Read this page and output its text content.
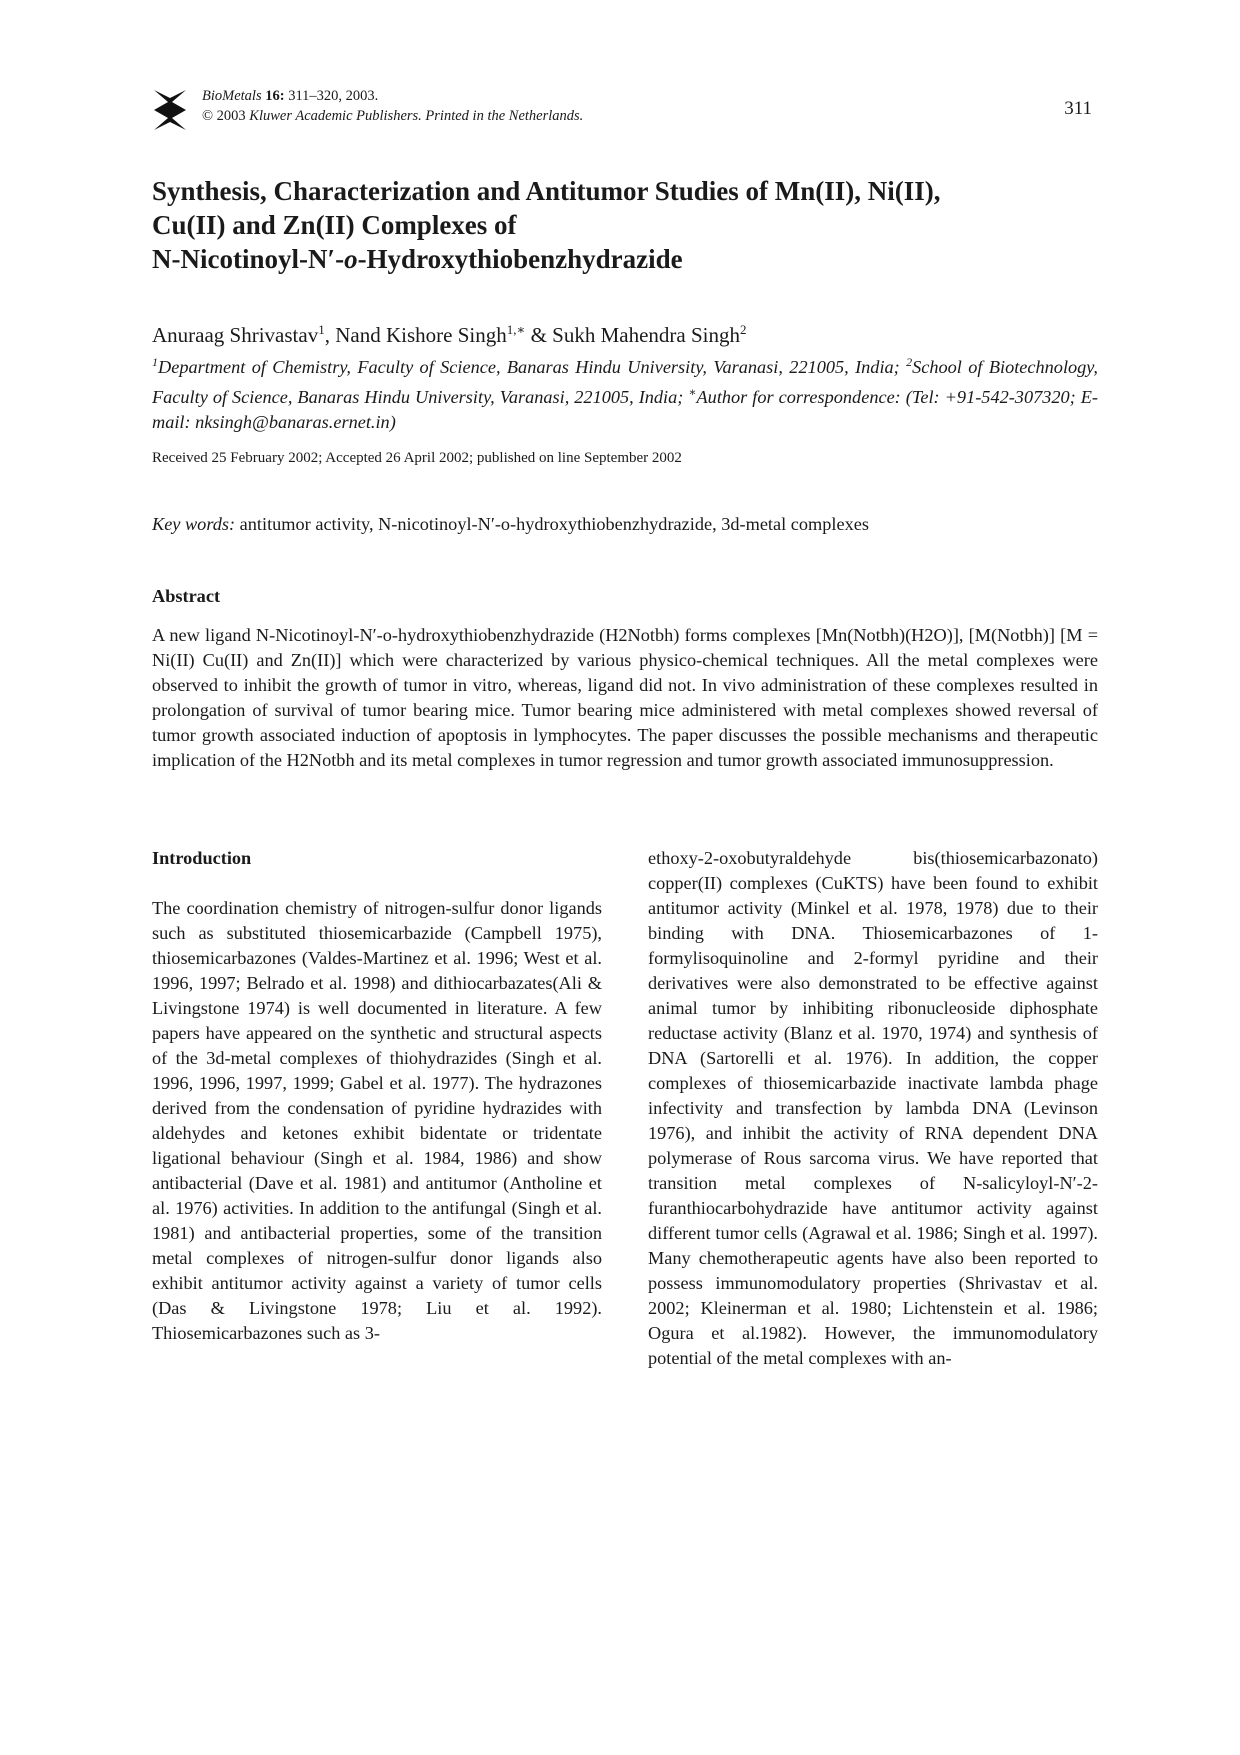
BioMetals 16: 311–320, 2003.
© 2003 Kluwer Academic Publishers. Printed in the Netherlands.	311
Synthesis, Characterization and Antitumor Studies of Mn(II), Ni(II),
Cu(II) and Zn(II) Complexes of
N-Nicotinoyl-N′-o-Hydroxythiobenzhydrazide
Anuraag Shrivastav$^1$, Nand Kishore Singh$^{1,∗}$ & Sukh Mahendra Singh$^2$
$^1$Department of Chemistry, Faculty of Science, Banaras Hindu University, Varanasi, 221005, India; $^2$School of Biotechnology, Faculty of Science, Banaras Hindu University, Varanasi, 221005, India; ∗Author for correspondence: (Tel: +91-542-307320; E-mail: nksingh@banaras.ernet.in)
Received 25 February 2002; Accepted 26 April 2002; published on line September 2002
Key words: antitumor activity, N-nicotinoyl-N′-o-hydroxythiobenzhydrazide, 3d-metal complexes
Abstract

A new ligand N-Nicotinoyl-N′-o-hydroxythiobenzhydrazide (H2Notbh) forms complexes [Mn(Notbh)(H2O)], [M(Notbh)] [M = Ni(II) Cu(II) and Zn(II)] which were characterized by various physico-chemical techniques. All the metal complexes were observed to inhibit the growth of tumor in vitro, whereas, ligand did not. In vivo administration of these complexes resulted in prolongation of survival of tumor bearing mice. Tumor bearing mice administered with metal complexes showed reversal of tumor growth associated induction of apoptosis in lymphocytes. The paper discusses the possible mechanisms and therapeutic implication of the H2Notbh and its metal complexes in tumor regression and tumor growth associated immunosuppression.

Introduction

The coordination chemistry of nitrogen-sulfur donor ligands such as substituted thiosemicarbazide (Campbell 1975), thiosemicarbazones (Valdes-Martinez et al. 1996; West et al. 1996, 1997; Belrado et al. 1998) and dithiocarbazates(Ali & Livingstone 1974) is well documented in literature. A few papers have appeared on the synthetic and structural aspects of the 3d-metal complexes of thiohydrazides (Singh et al. 1996, 1996, 1997, 1999; Gabel et al. 1977). The hydrazones derived from the condensation of pyridine hydrazides with aldehydes and ketones exhibit bidentate or tridentate ligational behaviour (Singh et al. 1984, 1986) and show antibacterial (Dave et al. 1981) and antitumor (Antholine et al. 1976) activities. In addition to the antifungal (Singh et al. 1981) and antibacterial properties, some of the transition metal complexes of nitrogen-sulfur donor ligands also exhibit antitumor activity against a variety of tumor cells (Das & Livingstone 1978; Liu et al. 1992). Thiosemicarbazones such as 3-

ethoxy-2-oxobutyraldehyde bis(thiosemicarbazonato) copper(II) complexes (CuKTS) have been found to exhibit antitumor activity (Minkel et al. 1978, 1978) due to their binding with DNA. Thiosemicarbazones of 1-formylisoquinoline and 2-formyl pyridine and their derivatives were also demonstrated to be effective against animal tumor by inhibiting ribonucleoside diphosphate reductase activity (Blanz et al. 1970, 1974) and synthesis of DNA (Sartorelli et al. 1976). In addition, the copper complexes of thiosemicarbazide inactivate lambda phage infectivity and transfection by lambda DNA (Levinson 1976), and inhibit the activity of RNA dependent DNA polymerase of Rous sarcoma virus. We have reported that transition metal complexes of N-salicyloyl-N′-2-furanthiocarbohydrazide have antitumor activity against different tumor cells (Agrawal et al. 1986; Singh et al. 1997). Many chemotherapeutic agents have also been reported to possess immunomodulatory properties (Shrivastav et al. 2002; Kleinerman et al. 1980; Lichtenstein et al. 1986; Ogura et al.1982). However, the immunomodulatory potential of the metal complexes with an-
